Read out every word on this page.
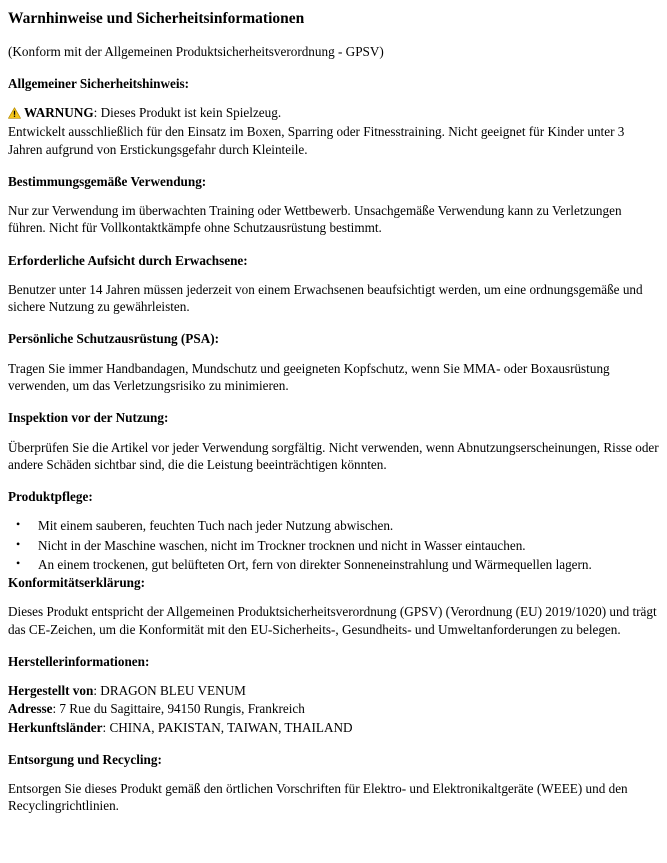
Warnhinweise und Sicherheitsinformationen

(Konform mit der Allgemeinen Produktsicherheitsverordnung - GPSV)

Allgemeiner Sicherheitshinweis:

WARNUNG: Dieses Produkt ist kein Spielzeug.

Entwickelt ausschließlich für den Einsatz im Boxen, Sparring oder Fitnesstraining. Nicht geeignet für Kinder unter 3 Jahren aufgrund von Erstickungsgefahr durch Kleinteile.

Bestimmungsgemäße Verwendung:

Nur zur Verwendung im überwachten Training oder Wettbewerb. Unsachgemäße Verwendung kann zu Verletzungen führen. Nicht für Vollkontaktkämpfe ohne Schutzausrüstung bestimmt.

Erforderliche Aufsicht durch Erwachsene:

Benutzer unter 14 Jahren müssen jederzeit von einem Erwachsenen beaufsichtigt werden, um eine ordnungsgemäße und sichere Nutzung zu gewährleisten.

Persönliche Schutzausrüstung (PSA):

Tragen Sie immer Handbandagen, Mundschutz und geeigneten Kopfschutz, wenn Sie MMA- oder Boxausrüstung verwenden, um das Verletzungsrisiko zu minimieren.

Inspektion vor der Nutzung:

Überprüfen Sie die Artikel vor jeder Verwendung sorgfältig. Nicht verwenden, wenn Abnutzungserscheinungen, Risse oder andere Schäden sichtbar sind, die die Leistung beeinträchtigen könnten.

Produktpflege:
• Mit einem sauberen, feuchten Tuch nach jeder Nutzung abwischen.
• Nicht in der Maschine waschen, nicht im Trockner trocknen und nicht in Wasser eintauchen.
• An einem trockenen, gut belüfteten Ort, fern von direkter Sonneneinstrahlung und Wärmequellen lagern.
Konformitätserklärung:

Dieses Produkt entspricht der Allgemeinen Produktsicherheitsverordnung (GPSV) (Verordnung (EU) 2019/1020) und trägt das CE-Zeichen, um die Konformität mit den EU-Sicherheits-, Gesundheits- und Umweltanforderungen zu belegen.

Herstellerinformationen:

Hergestellt von: DRAGON BLEU VENUM

Adresse: 7 Rue du Sagittaire, 94150 Rungis, Frankreich

Herkunftsländer: CHINA, PAKISTAN, TAIWAN, THAILAND

Entsorgung und Recycling:

Entsorgen Sie dieses Produkt gemäß den örtlichen Vorschriften für Elektro- und Elektronikaltgeräte (WEEE) und den Recyclingrichtlinien.
